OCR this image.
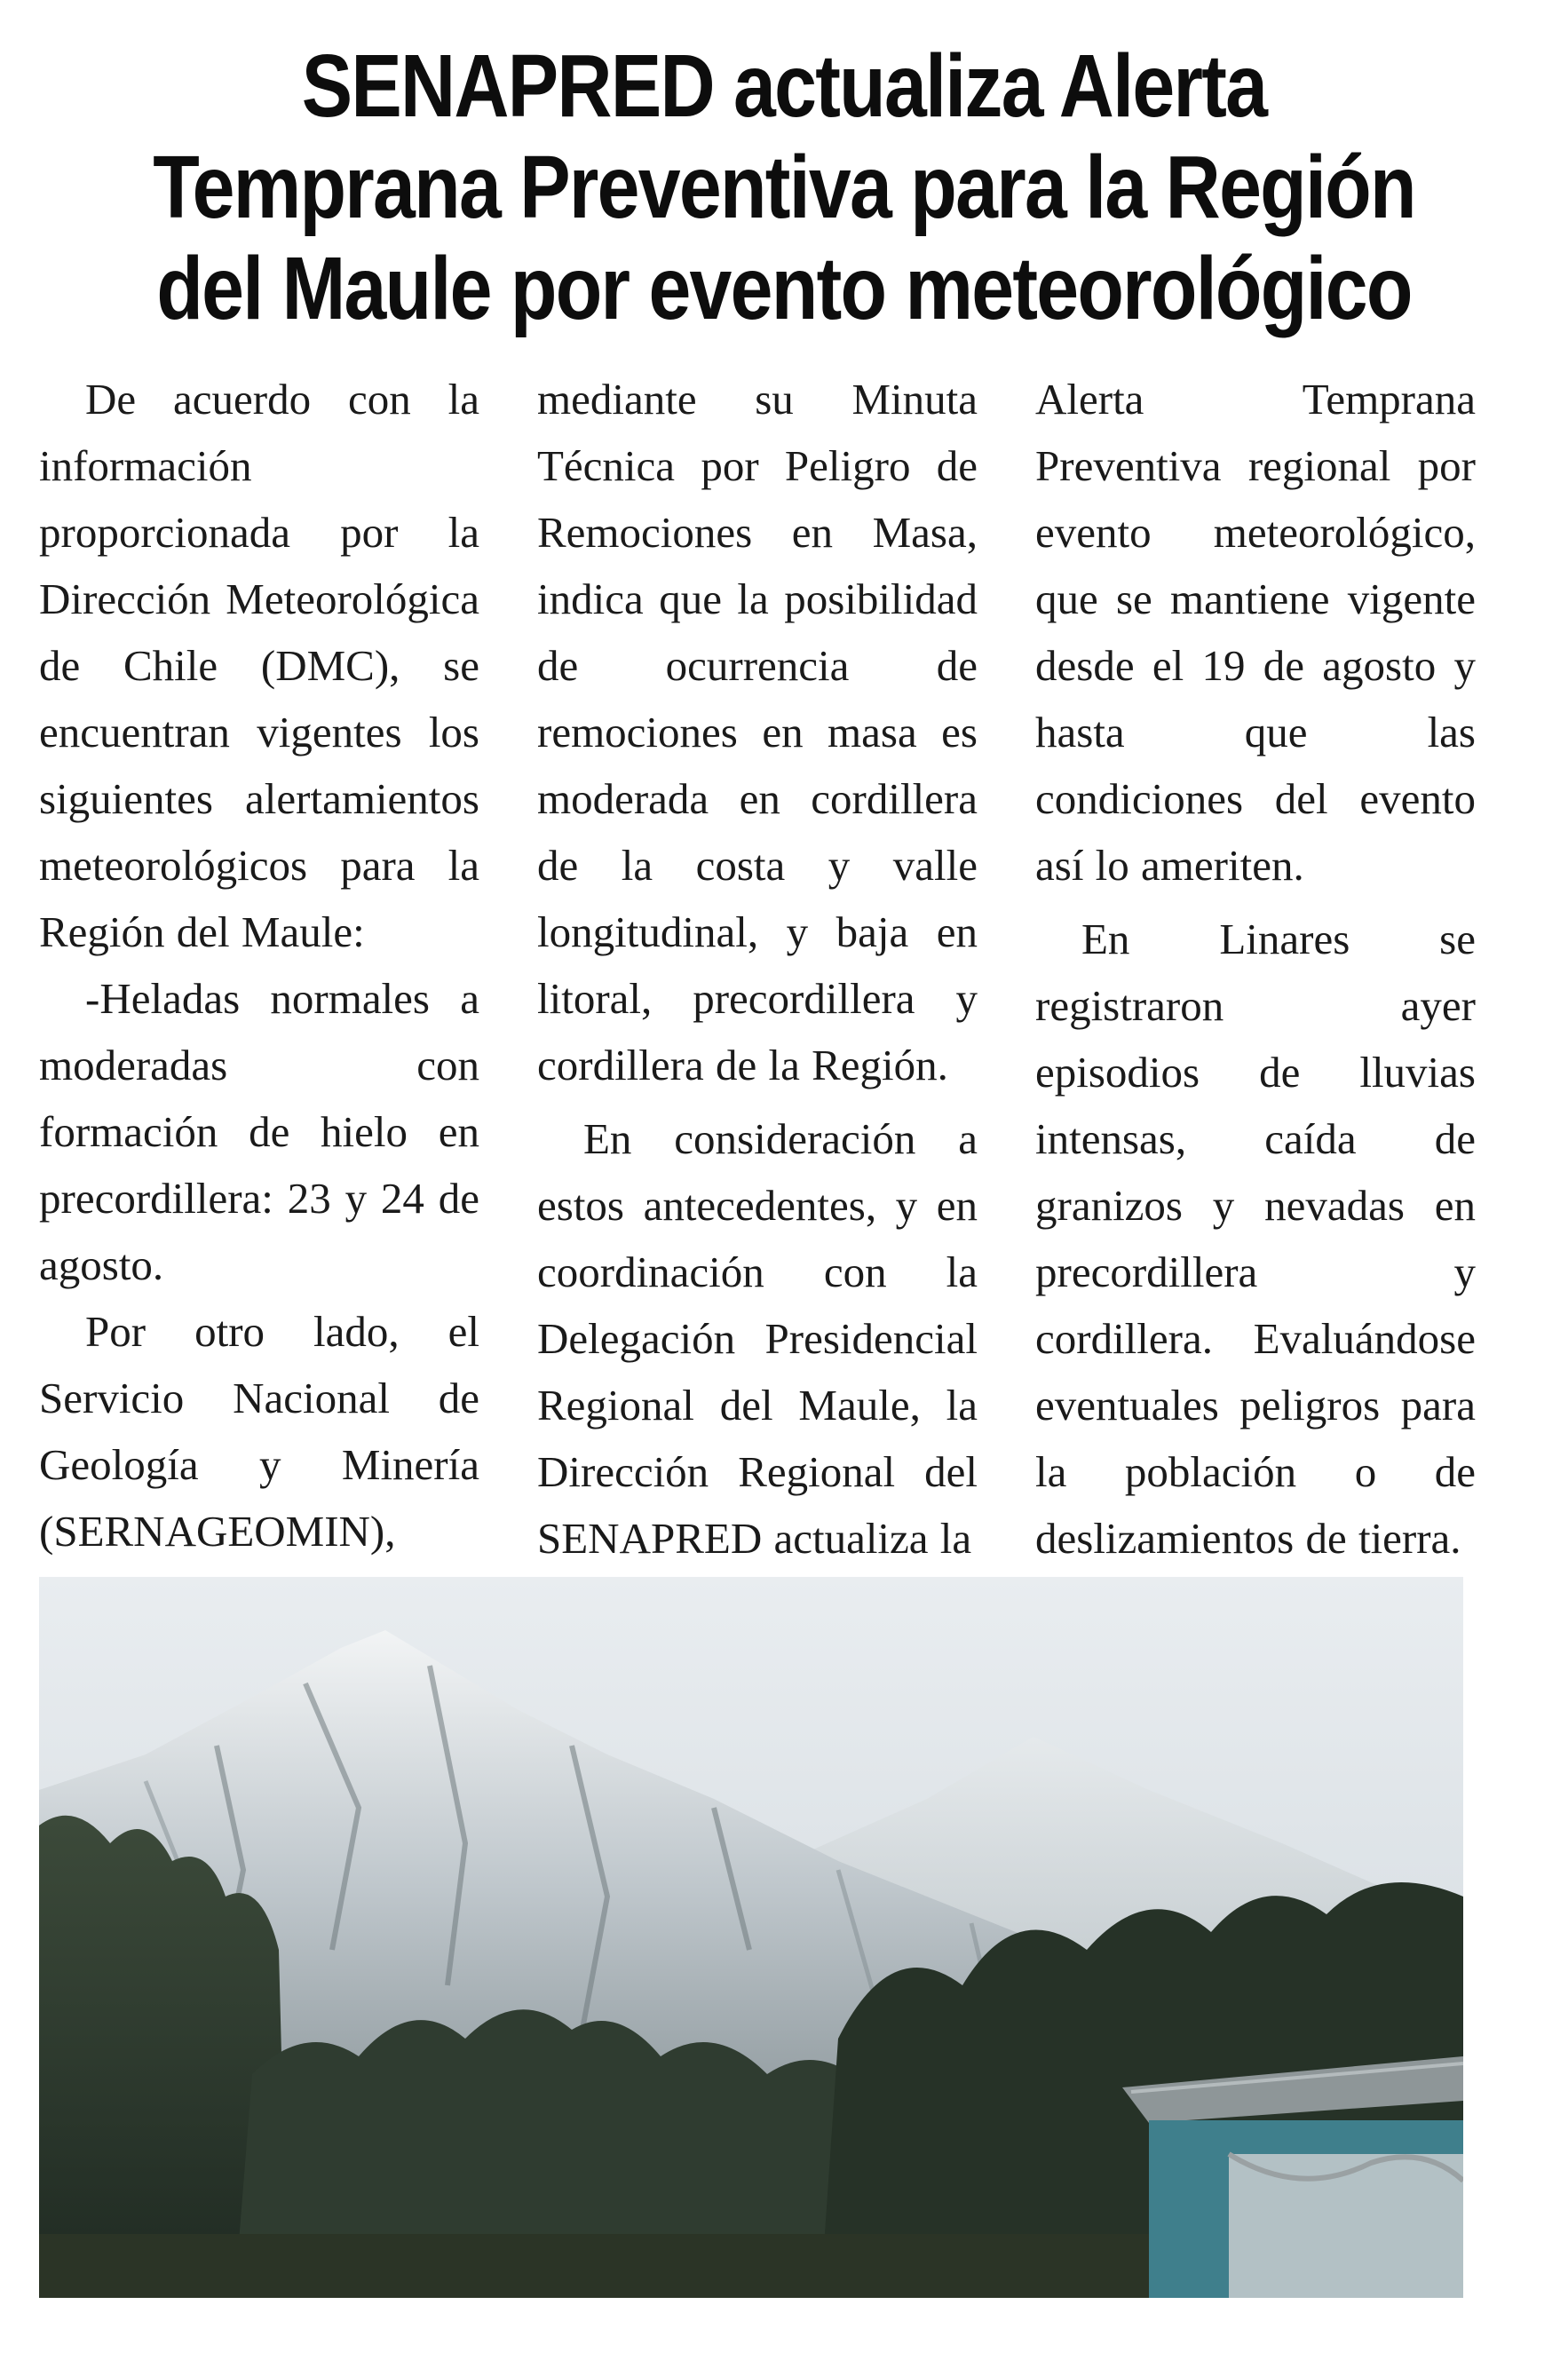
SENAPRED actualiza Alerta Temprana Preventiva para la Región del Maule por evento meteorológico

De acuerdo con la información proporcionada por la Dirección Meteorológica de Chile (DMC), se encuentran vigentes los siguientes alertamientos meteorológicos para la Región del Maule:

-Heladas normales a moderadas con formación de hielo en precordillera: 23 y 24 de agosto.

Por otro lado, el Servicio Nacional de Geología y Minería (SERNAGEOMIN),

mediante su Minuta Técnica por Peligro de Remociones en Masa, indica que la posibilidad de ocurrencia de remociones en masa es moderada en cordillera de la costa y valle longitudinal, y baja en litoral, precordillera y cordillera de la Región.

En consideración a estos antecedentes, y en coordinación con la Delegación Presidencial Regional del Maule, la Dirección Regional del SENAPRED actualiza la

Alerta Temprana Preventiva regional por evento meteorológico, que se mantiene vigente desde el 19 de agosto y hasta que las condiciones del evento así lo ameriten.

En Linares se registraron ayer episodios de lluvias intensas, caída de granizos y nevadas en precordillera y cordillera. Evaluándose eventuales peligros para la población o de deslizamientos de tierra.
